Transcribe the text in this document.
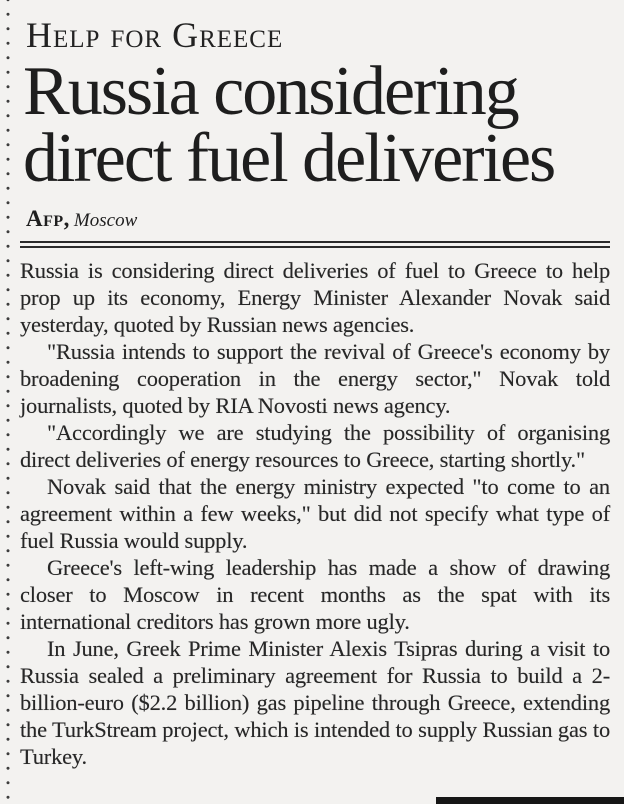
Help for Greece
Russia considering direct fuel deliveries
Afp, Moscow

Russia is considering direct deliveries of fuel to Greece to help prop up its economy, Energy Minister Alexander Novak said yesterday, quoted by Russian news agencies.

"Russia intends to support the revival of Greece's economy by broadening cooperation in the energy sector," Novak told journalists, quoted by RIA Novosti news agency.

"Accordingly we are studying the possibility of organising direct deliveries of energy resources to Greece, starting shortly."

Novak said that the energy ministry expected "to come to an agreement within a few weeks," but did not specify what type of fuel Russia would supply.

Greece's left-wing leadership has made a show of drawing closer to Moscow in recent months as the spat with its international creditors has grown more ugly.

In June, Greek Prime Minister Alexis Tsipras during a visit to Russia sealed a preliminary agreement for Russia to build a 2-billion-euro ($2.2 billion) gas pipeline through Greece, extending the TurkStream project, which is intended to supply Russian gas to Turkey.
